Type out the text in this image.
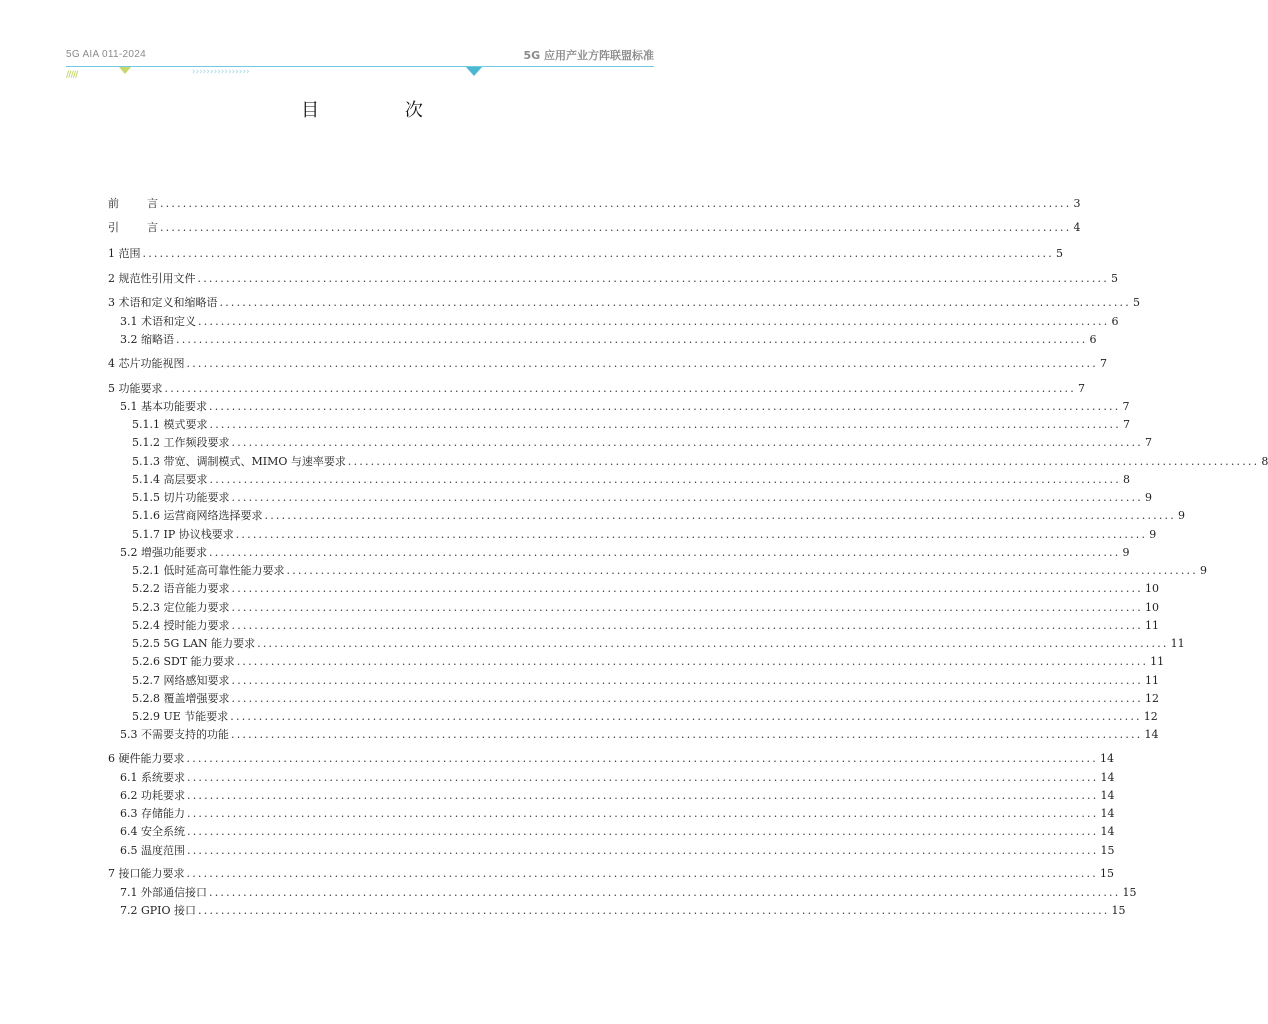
5G AIA 011-2024	5G 应用产业方阵联盟标准
/////	››››››››››››››››
目 次
前        言 ................................................................................................................................................................ 3
引        言 ................................................................................................................................................................ 4
1 范围 ................................................................................................................................................................ 5
2 规范性引用文件 ................................................................................................................................................................ 5
3 术语和定义和缩略语 ................................................................................................................................................................ 5
3.1 术语和定义 ................................................................................................................................................................ 6
3.2 缩略语 ................................................................................................................................................................ 6
4 芯片功能视图 ................................................................................................................................................................ 7
5 功能要求 ................................................................................................................................................................ 7
5.1 基本功能要求 ................................................................................................................................................................ 7
5.1.1 模式要求 ................................................................................................................................................................ 7
5.1.2 工作频段要求 ................................................................................................................................................................ 7
5.1.3 带宽、调制模式、MIMO 与速率要求 ................................................................................................................................................................ 8
5.1.4 高层要求 ................................................................................................................................................................ 8
5.1.5 切片功能要求 ................................................................................................................................................................ 9
5.1.6 运营商网络选择要求 ................................................................................................................................................................ 9
5.1.7 IP 协议栈要求 ................................................................................................................................................................ 9
5.2 增强功能要求 ................................................................................................................................................................ 9
5.2.1 低时延高可靠性能力要求 ................................................................................................................................................................ 9
5.2.2 语音能力要求 ................................................................................................................................................................ 10
5.2.3 定位能力要求 ................................................................................................................................................................ 10
5.2.4 授时能力要求 ................................................................................................................................................................ 11
5.2.5 5G LAN 能力要求 ................................................................................................................................................................ 11
5.2.6 SDT 能力要求 ................................................................................................................................................................ 11
5.2.7 网络感知要求 ................................................................................................................................................................ 11
5.2.8 覆盖增强要求 ................................................................................................................................................................ 12
5.2.9 UE 节能要求 ................................................................................................................................................................ 12
5.3 不需要支持的功能 ................................................................................................................................................................ 14
6 硬件能力要求 ................................................................................................................................................................ 14
6.1 系统要求 ................................................................................................................................................................ 14
6.2 功耗要求 ................................................................................................................................................................ 14
6.3 存储能力 ................................................................................................................................................................ 14
6.4 安全系统 ................................................................................................................................................................ 14
6.5 温度范围 ................................................................................................................................................................ 15
7 接口能力要求 ................................................................................................................................................................ 15
7.1 外部通信接口 ................................................................................................................................................................ 15
7.2 GPIO 接口 ................................................................................................................................................................ 15
